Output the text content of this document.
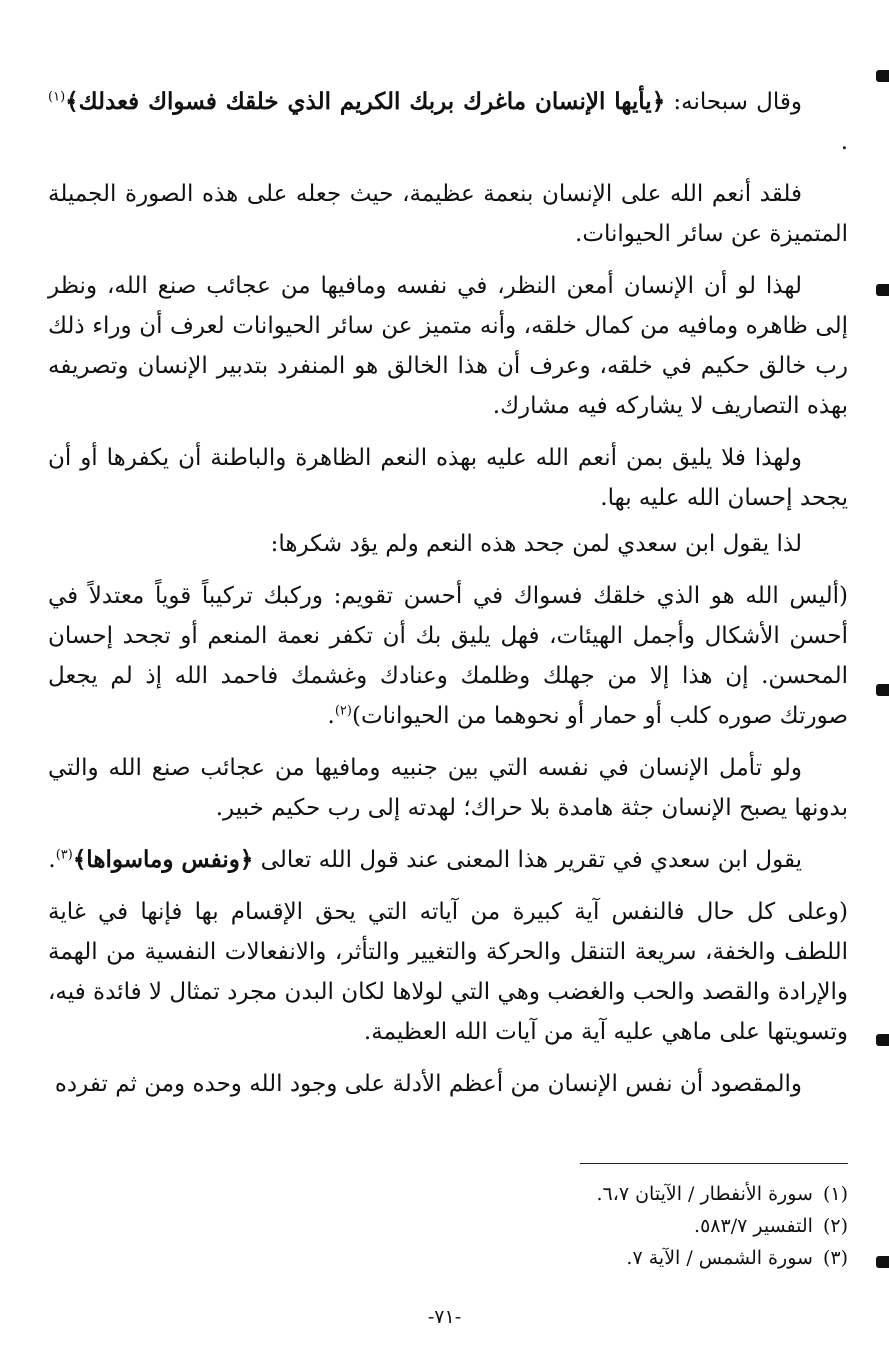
وقال سبحانه: ﴿يأيها الإنسان ماغرك بربك الكريم الذي خلقك فسواك فعدلك﴾$^{(١)}$ .

فلقد أنعم الله على الإنسان بنعمة عظيمة، حيث جعله على هذه الصورة الجميلة المتميزة عن سائر الحيوانات.

لهذا لو أن الإنسان أمعن النظر، في نفسه ومافيها من عجائب صنع الله، ونظر إلى ظاهره ومافيه من كمال خلقه، وأنه متميز عن سائر الحيوانات لعرف أن وراء ذلك رب خالق حكيم في خلقه، وعرف أن هذا الخالق هو المنفرد بتدبير الإنسان وتصريفه بهذه التصاريف لا يشاركه فيه مشارك.

ولهذا فلا يليق بمن أنعم الله عليه بهذه النعم الظاهرة والباطنة أن يكفرها أو أن يجحد إحسان الله عليه بها.

لذا يقول ابن سعدي لمن جحد هذه النعم ولم يؤد شكرها:

(أليس الله هو الذي خلقك فسواك في أحسن تقويم: وركبك تركيباً قوياً معتدلاً في أحسن الأشكال وأجمل الهيئات، فهل يليق بك أن تكفر نعمة المنعم أو تجحد إحسان المحسن. إن هذا إلا من جهلك وظلمك وعنادك وغشمك فاحمد الله إذ لم يجعل صورتك صوره كلب أو حمار أو نحوهما من الحيوانات)$^{(٢)}$.

ولو تأمل الإنسان في نفسه التي بين جنبيه ومافيها من عجائب صنع الله والتي بدونها يصبح الإنسان جثة هامدة بلا حراك؛ لهدته إلى رب حكيم خبير.

يقول ابن سعدي في تقرير هذا المعنى عند قول الله تعالى ﴿ونفس وماسواها﴾$^{(٣)}$.

(وعلى كل حال فالنفس آية كبيرة من آياته التي يحق الإقسام بها فإنها في غاية اللطف والخفة، سريعة التنقل والحركة والتغيير والتأثر، والانفعالات النفسية من الهمة والإرادة والقصد والحب والغضب وهي التي لولاها لكان البدن مجرد تمثال لا فائدة فيه، وتسويتها على ماهي عليه آية من آيات الله العظيمة.

والمقصود أن نفس الإنسان من أعظم الأدلة على وجود الله وحده ومن ثم تفرده

(١)سورة الأنفطار / الآيتان ٦،٧.
(٢)التفسير ٥٨٣/٧.
(٣)سورة الشمس / الآية ٧.
-٧١-
